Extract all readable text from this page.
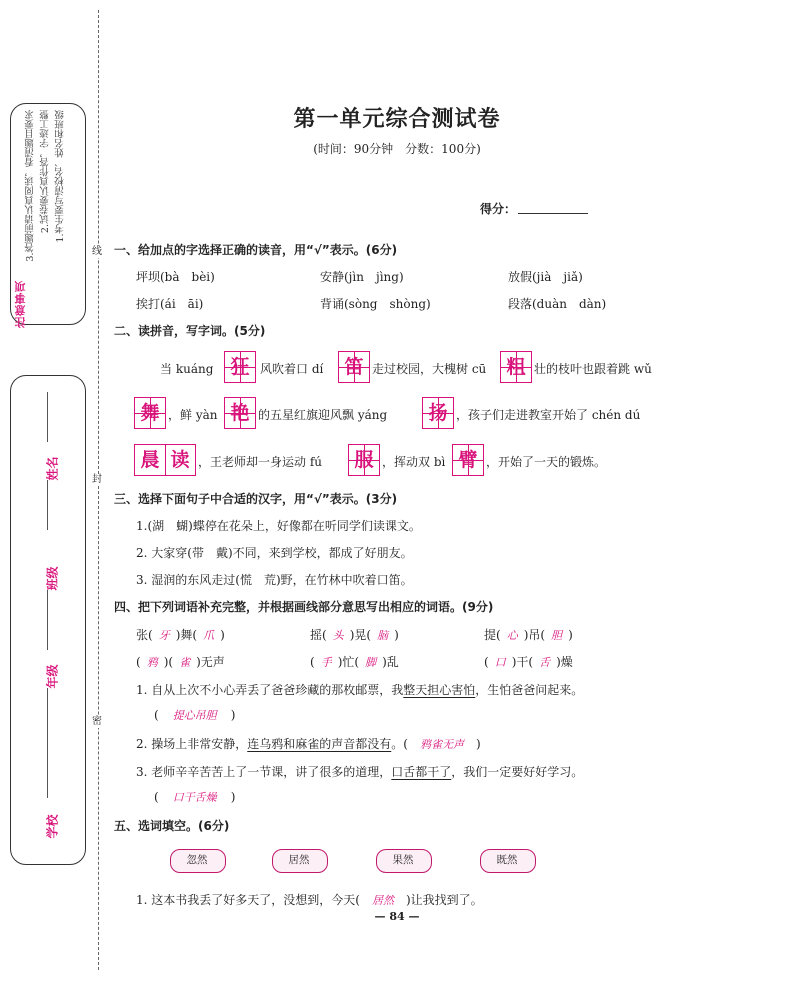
线
封
密
1.考生要写清校名、姓名和班级
2.试卷要认真作答，字迹工整
3.答题前请认真阅读，看清题目要求
注意事项
姓名
班级
年级
学校
第一单元综合测试卷
(时间：90分钟　分数：100分)
得分：
一、给加点的字选择正确的读音，用“√”表示。(6分)
坪坝(bà　bèi)	安静(jìn　jìng)	放假(jià　jiǎ)
挨打(ái　āi)	背诵(sòng　shòng)	段落(duàn　dàn)
二、读拼音，写字词。(5分)
当 kuáng 狂 风吹着口 dí 笛 走过校园，大槐树 cū 粗 壮的枝叶也跟着跳 wǔ
舞 ，鲜 yàn 艳 的五星红旗迎风飘 yáng 扬 ，孩子们走进教室开始了 chén dú
晨 读 ，王老师却一身运动 fú 服 ，挥动双 bì 臂 ，开始了一天的锻炼。
三、选择下面句子中合适的汉字，用“√”表示。(3分)
1.(湖　蝴)蝶停在花朵上，好像都在听同学们读课文。
2. 大家穿(带　戴)不同，来到学校，都成了好朋友。
3. 湿润的东风走过(慌　荒)野，在竹林中吹着口笛。
四、把下列词语补充完整，并根据画线部分意思写出相应的词语。(9分)
张( 牙 )舞( 爪 )	摇( 头 )晃( 脑 )	提( 心 )吊( 胆 )
( 鸦 )( 雀 )无声	( 手 )忙( 脚 )乱	( 口 )干( 舌 )燥
1. 自从上次不小心弄丢了爸爸珍藏的那枚邮票，我整天担心害怕，生怕爸爸问起来。
( 提心吊胆 )
2. 操场上非常安静，连乌鸦和麻雀的声音都没有。( 鸦雀无声 )
3. 老师辛辛苦苦上了一节课，讲了很多的道理，口舌都干了，我们一定要好好学习。
( 口干舌燥 )
五、选词填空。(6分)
忽然	居然	果然	既然
1. 这本书我丢了好多天了，没想到，今天( 居然 )让我找到了。
— 84 —
